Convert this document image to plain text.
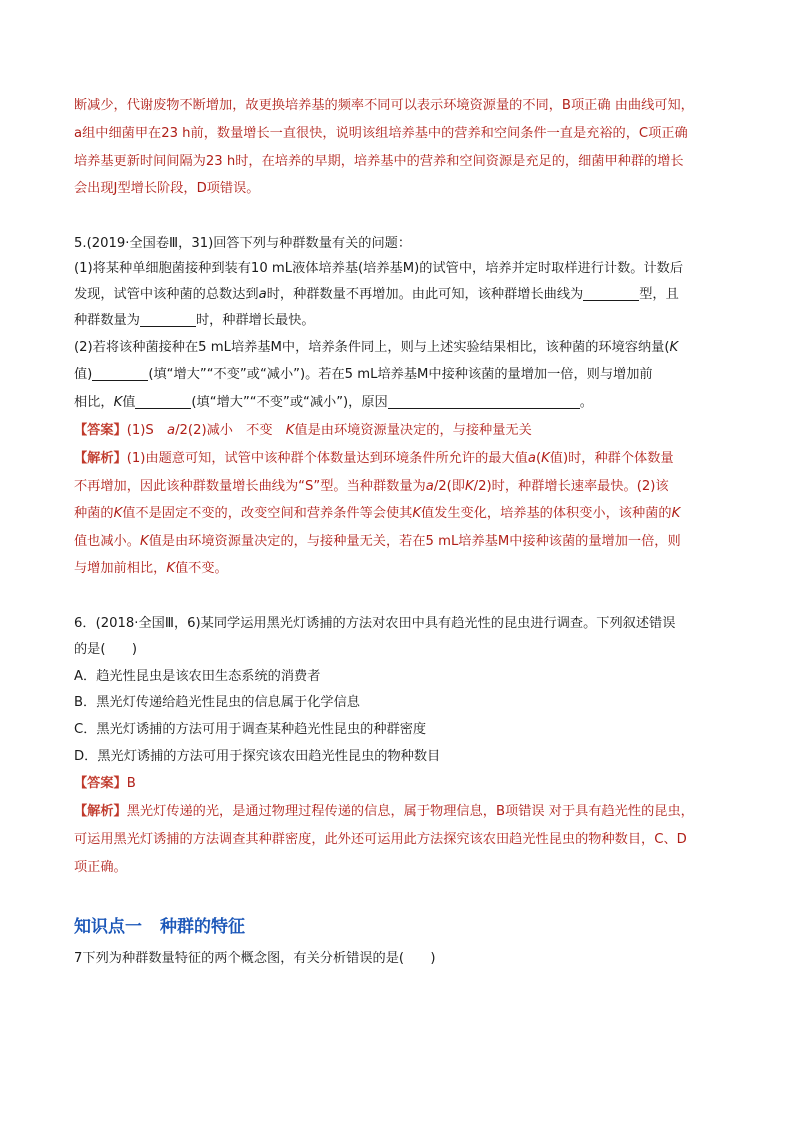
断减少，代谢废物不断增加，故更换培养基的频率不同可以表示环境资源量的不同，B项正确 由曲线可知，
a组中细菌甲在23 h前，数量增长一直很快，说明该组培养基中的营养和空间条件一直是充裕的，C项正确
培养基更新时间间隔为23 h时，在培养的早期，培养基中的营养和空间资源是充足的，细菌甲种群的增长
会出现J型增长阶段，D项错误。
5.(2019·全国卷Ⅲ，31)回答下列与种群数量有关的问题：
(1)将某种单细胞菌接种到装有10 mL液体培养基(培养基M)的试管中，培养并定时取样进行计数。计数后
发现，试管中该种菌的总数达到a时，种群数量不再增加。由此可知，该种群增长曲线为	型，且
种群数量为	时，种群增长最快。
(2)若将该种菌接种在5 mL培养基M中，培养条件同上，则与上述实验结果相比，该种菌的环境容纳量(K
值)	(填“增大”“不变”或“减小”)。若在5 mL培养基M中接种该菌的量增加一倍，则与增加前
相比，K值	(填“增大”“不变”或“减小”)，原因	。
【答案】(1)S　a/2(2)减小　不变　K值是由环境资源量决定的，与接种量无关
【解析】(1)由题意可知，试管中该种群个体数量达到环境条件所允许的最大值a(K值)时，种群个体数量
不再增加，因此该种群数量增长曲线为“S”型。当种群数量为a/2(即K/2)时，种群增长速率最快。(2)该
种菌的K值不是固定不变的，改变空间和营养条件等会使其K值发生变化，培养基的体积变小，该种菌的K
值也减小。K值是由环境资源量决定的，与接种量无关，若在5 mL培养基M中接种该菌的量增加一倍，则
与增加前相比，K值不变。
6．(2018·全国Ⅲ，6)某同学运用黑光灯诱捕的方法对农田中具有趋光性的昆虫进行调查。下列叙述错误
的是(　　)
A．趋光性昆虫是该农田生态系统的消费者
B．黑光灯传递给趋光性昆虫的信息属于化学信息
C．黑光灯诱捕的方法可用于调查某种趋光性昆虫的种群密度
D．黑光灯诱捕的方法可用于探究该农田趋光性昆虫的物种数目
【答案】B
【解析】黑光灯传递的光，是通过物理过程传递的信息，属于物理信息，B项错误 对于具有趋光性的昆虫，
可运用黑光灯诱捕的方法调查其种群密度，此外还可运用此方法探究该农田趋光性昆虫的物种数目，C、D
项正确。
知识点一 种群的特征
7下列为种群数量特征的两个概念图，有关分析错误的是(　　)
